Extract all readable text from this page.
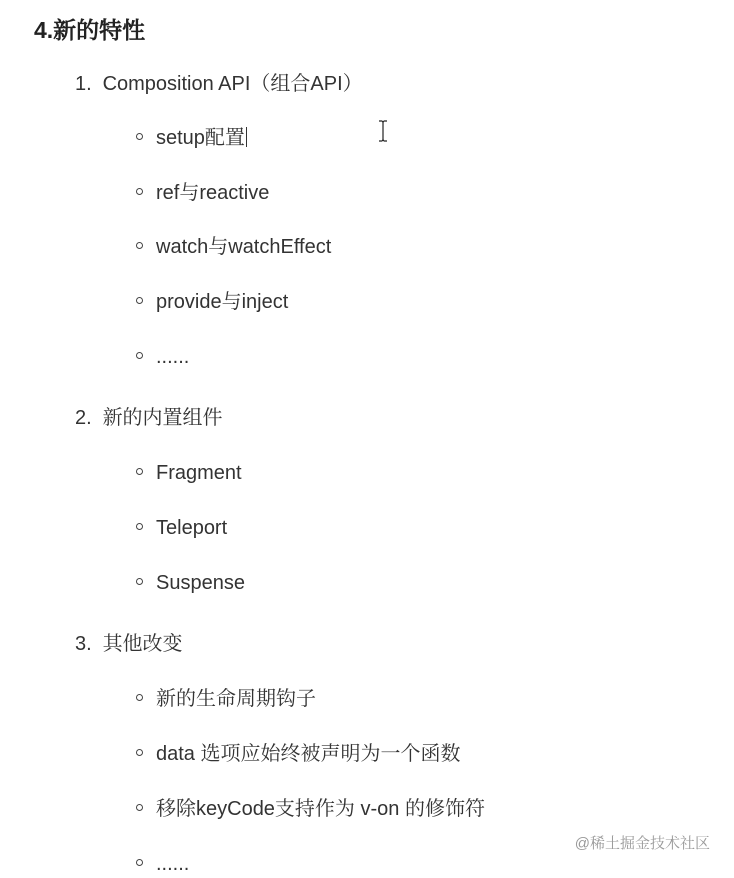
4.新的特性
1. Composition API（组合API）
setup配置
ref与reactive
watch与watchEffect
provide与inject
......
2. 新的内置组件
Fragment
Teleport
Suspense
3. 其他改变
新的生命周期钩子
data 选项应始终被声明为一个函数
移除keyCode支持作为 v-on 的修饰符
......
@稀土掘金技术社区
